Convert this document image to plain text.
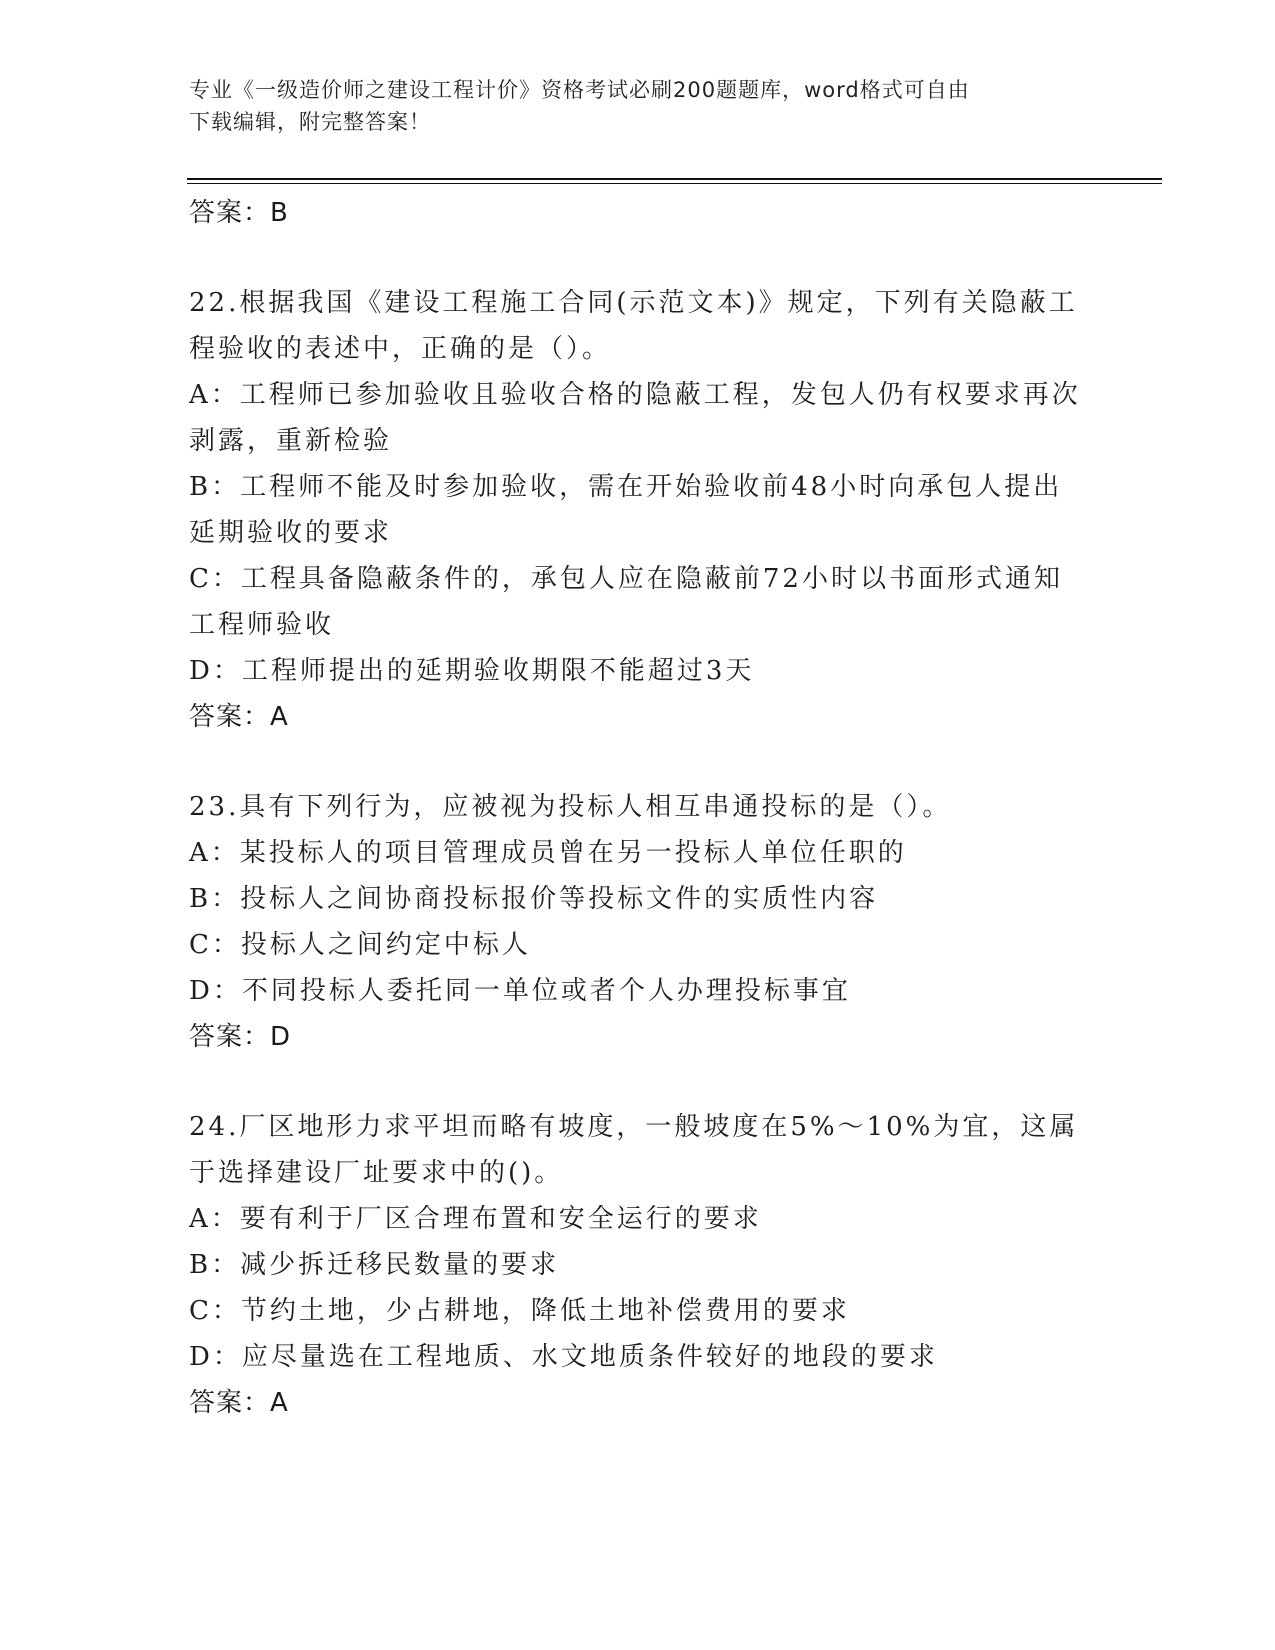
专业《一级造价师之建设工程计价》资格考试必刷200题题库，word格式可自由
下载编辑，附完整答案！
答案：B
22.根据我国《建设工程施工合同(示范文本)》规定，下列有关隐蔽工
程验收的表述中，正确的是（）。
A：工程师已参加验收且验收合格的隐蔽工程，发包人仍有权要求再次
剥露，重新检验
B：工程师不能及时参加验收，需在开始验收前48小时向承包人提出
延期验收的要求
C：工程具备隐蔽条件的，承包人应在隐蔽前72小时以书面形式通知
工程师验收
D：工程师提出的延期验收期限不能超过3天
答案：A
23.具有下列行为，应被视为投标人相互串通投标的是（）。
A：某投标人的项目管理成员曾在另一投标人单位任职的
B：投标人之间协商投标报价等投标文件的实质性内容
C：投标人之间约定中标人
D：不同投标人委托同一单位或者个人办理投标事宜
答案：D
24.厂区地形力求平坦而略有坡度，一般坡度在5%～10%为宜，这属
于选择建设厂址要求中的()。
A：要有利于厂区合理布置和安全运行的要求
B：减少拆迁移民数量的要求
C：节约土地，少占耕地，降低土地补偿费用的要求
D：应尽量选在工程地质、水文地质条件较好的地段的要求
答案：A
